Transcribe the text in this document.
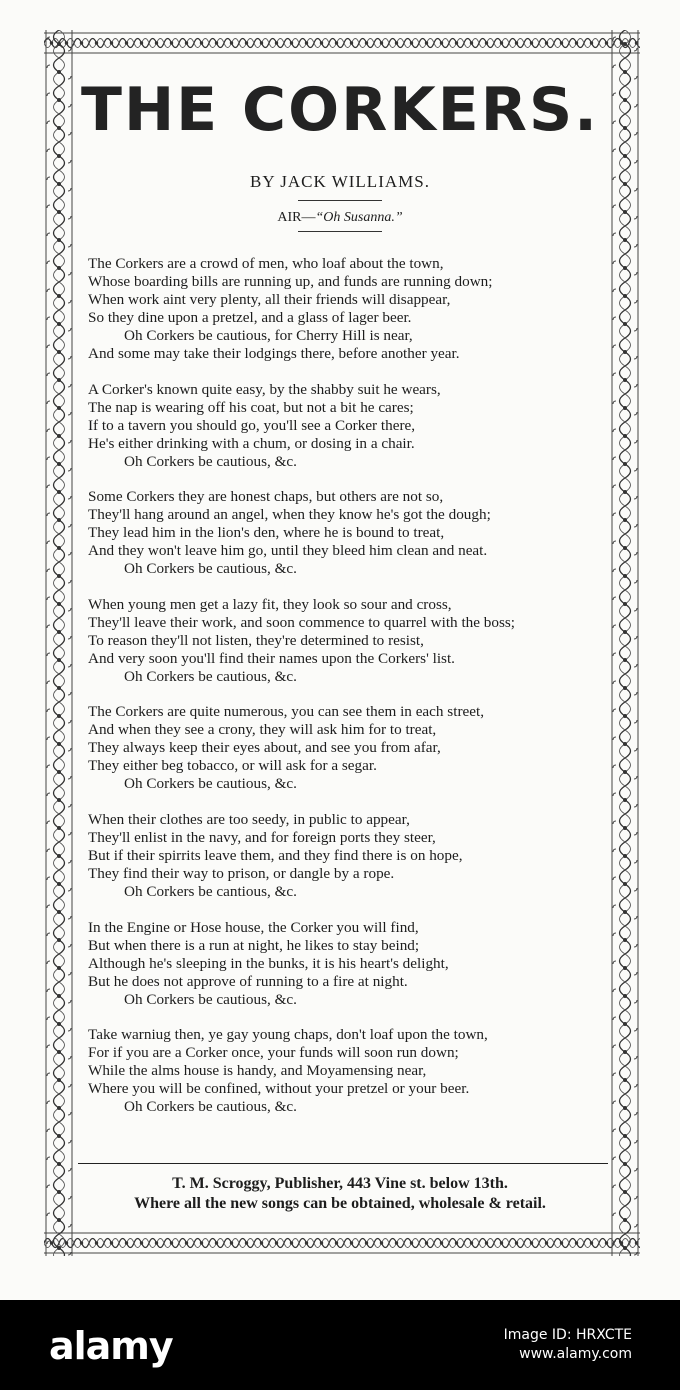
THE CORKERS.

BY JACK WILLIAMS.

AIR—“Oh Susanna.”

The Corkers are a crowd of men, who loaf about the town,

Whose boarding bills are running up, and funds are running down;

When work aint very plenty, all their friends will disappear,

So they dine upon a pretzel, and a glass of lager beer.

Oh Corkers be cautious, for Cherry Hill is near,

And some may take their lodgings there, before another year.

A Corker's known quite easy, by the shabby suit he wears,

The nap is wearing off his coat, but not a bit he cares;

If to a tavern you should go, you'll see a Corker there,

He's either drinking with a chum, or dosing in a chair.

Oh Corkers be cautious, &c.

Some Corkers they are honest chaps, but others are not so,

They'll hang around an angel, when they know he's got the dough;

They lead him in the lion's den, where he is bound to treat,

And they won't leave him go, until they bleed him clean and neat.

Oh Corkers be cautious, &c.

When young men get a lazy fit, they look so sour and cross,

They'll leave their work, and soon commence to quarrel with the boss;

To reason they'll not listen, they're determined to resist,

And very soon you'll find their names upon the Corkers' list.

Oh Corkers be cautious, &c.

The Corkers are quite numerous, you can see them in each street,

And when they see a crony, they will ask him for to treat,

They always keep their eyes about, and see you from afar,

They either beg tobacco, or will ask for a segar.

Oh Corkers be cautious, &c.

When their clothes are too seedy, in public to appear,

They'll enlist in the navy, and for foreign ports they steer,

But if their spirrits leave them, and they find there is on hope,

They find their way to prison, or dangle by a rope.

Oh Corkers be cantious, &c.

In the Engine or Hose house, the Corker you will find,

But when there is a run at night, he likes to stay beind;

Although he's sleeping in the bunks, it is his heart's delight,

But he does not approve of running to a fire at night.

Oh Corkers be cautious, &c.

Take warniug then, ye gay young chaps, don't loaf upon the town,

For if you are a Corker once, your funds will soon run down;

While the alms house is handy, and Moyamensing near,

Where you will be confined, without your pretzel or your beer.

Oh Corkers be cautious, &c.

T. M. Scroggy, Publisher, 443 Vine st. below 13th.

Where all the new songs can be obtained, wholesale & retail.

alamy	Image ID: HRXCTE

www.alamy.com
